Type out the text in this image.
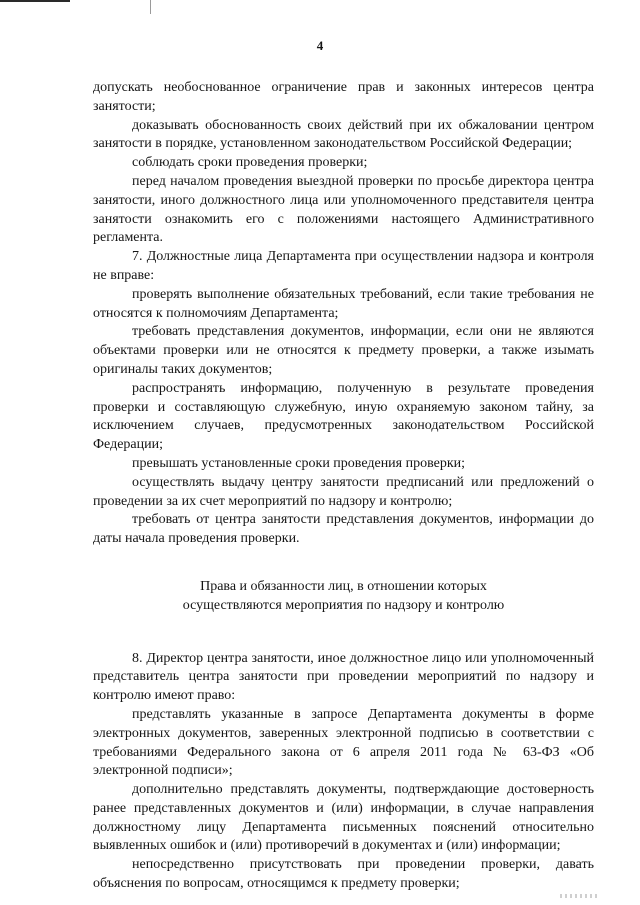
4

допускать необоснованное ограничение прав и законных интересов центра занятости;

доказывать обоснованность своих действий при их обжаловании центром занятости в порядке, установленном законодательством Российской Федерации;

соблюдать сроки проведения проверки;

перед началом проведения выездной проверки по просьбе директора центра занятости, иного должностного лица или уполномоченного представителя центра занятости ознакомить его с положениями настоящего Административного регламента.

7. Должностные лица Департамента при осуществлении надзора и контроля не вправе:

проверять выполнение обязательных требований, если такие требования не относятся к полномочиям Департамента;

требовать представления документов, информации, если они не являются объектами проверки или не относятся к предмету проверки, а также изымать оригиналы таких документов;

распространять информацию, полученную в результате проведения проверки и составляющую служебную, иную охраняемую законом тайну, за исключением случаев, предусмотренных законодательством Российской Федерации;

превышать установленные сроки проведения проверки;

осуществлять выдачу центру занятости предписаний или предложений о проведении за их счет мероприятий по надзору и контролю;

требовать от центра занятости представления документов, информации до даты начала проведения проверки.

Права и обязанности лиц, в отношении которых
осуществляются мероприятия по надзору и контролю

8. Директор центра занятости, иное должностное лицо или уполномоченный представитель центра занятости при проведении мероприятий по надзору и контролю имеют право:

представлять указанные в запросе Департамента документы в форме электронных документов, заверенных электронной подписью в соответствии с требованиями Федерального закона от 6 апреля 2011 года № 63-ФЗ «Об электронной подписи»;

дополнительно представлять документы, подтверждающие достоверность ранее представленных документов и (или) информации, в случае направления должностному лицу Департамента письменных пояснений относительно выявленных ошибок и (или) противоречий в документах и (или) информации;

непосредственно присутствовать при проведении проверки, давать объяснения по вопросам, относящимся к предмету проверки;
